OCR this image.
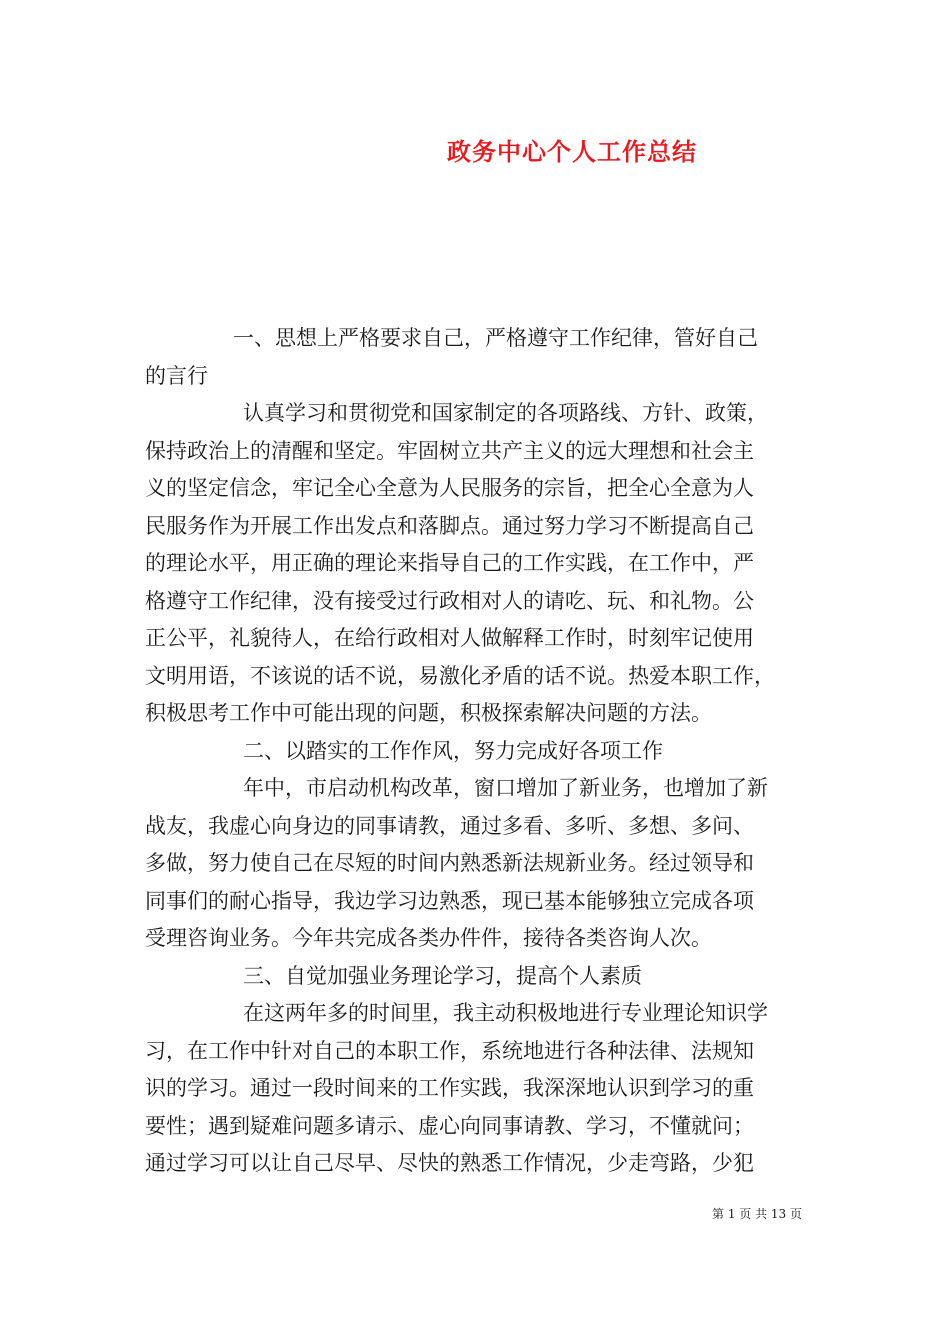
政务中心个人工作总结
一、思想上严格要求自己，严格遵守工作纪律，管好自己
的言行
认真学习和贯彻党和国家制定的各项路线、方针、政策，
保持政治上的清醒和坚定。牢固树立共产主义的远大理想和社会主
义的坚定信念，牢记全心全意为人民服务的宗旨，把全心全意为人
民服务作为开展工作出发点和落脚点。通过努力学习不断提高自己
的理论水平，用正确的理论来指导自己的工作实践，在工作中，严
格遵守工作纪律，没有接受过行政相对人的请吃、玩、和礼物。公
正公平，礼貌待人，在给行政相对人做解释工作时，时刻牢记使用
文明用语，不该说的话不说，易激化矛盾的话不说。热爱本职工作，
积极思考工作中可能出现的问题，积极探索解决问题的方法。
二、以踏实的工作作风，努力完成好各项工作
年中，市启动机构改革，窗口增加了新业务，也增加了新
战友，我虚心向身边的同事请教，通过多看、多听、多想、多问、
多做，努力使自己在尽短的时间内熟悉新法规新业务。经过领导和
同事们的耐心指导，我边学习边熟悉，现已基本能够独立完成各项
受理咨询业务。今年共完成各类办件件，接待各类咨询人次。
三、自觉加强业务理论学习，提高个人素质
在这两年多的时间里，我主动积极地进行专业理论知识学
习，在工作中针对自己的本职工作，系统地进行各种法律、法规知
识的学习。通过一段时间来的工作实践，我深深地认识到学习的重
要性；遇到疑难问题多请示、虚心向同事请教、学习，不懂就问；
通过学习可以让自己尽早、尽快的熟悉工作情况，少走弯路，少犯
第 1 页 共 13 页
